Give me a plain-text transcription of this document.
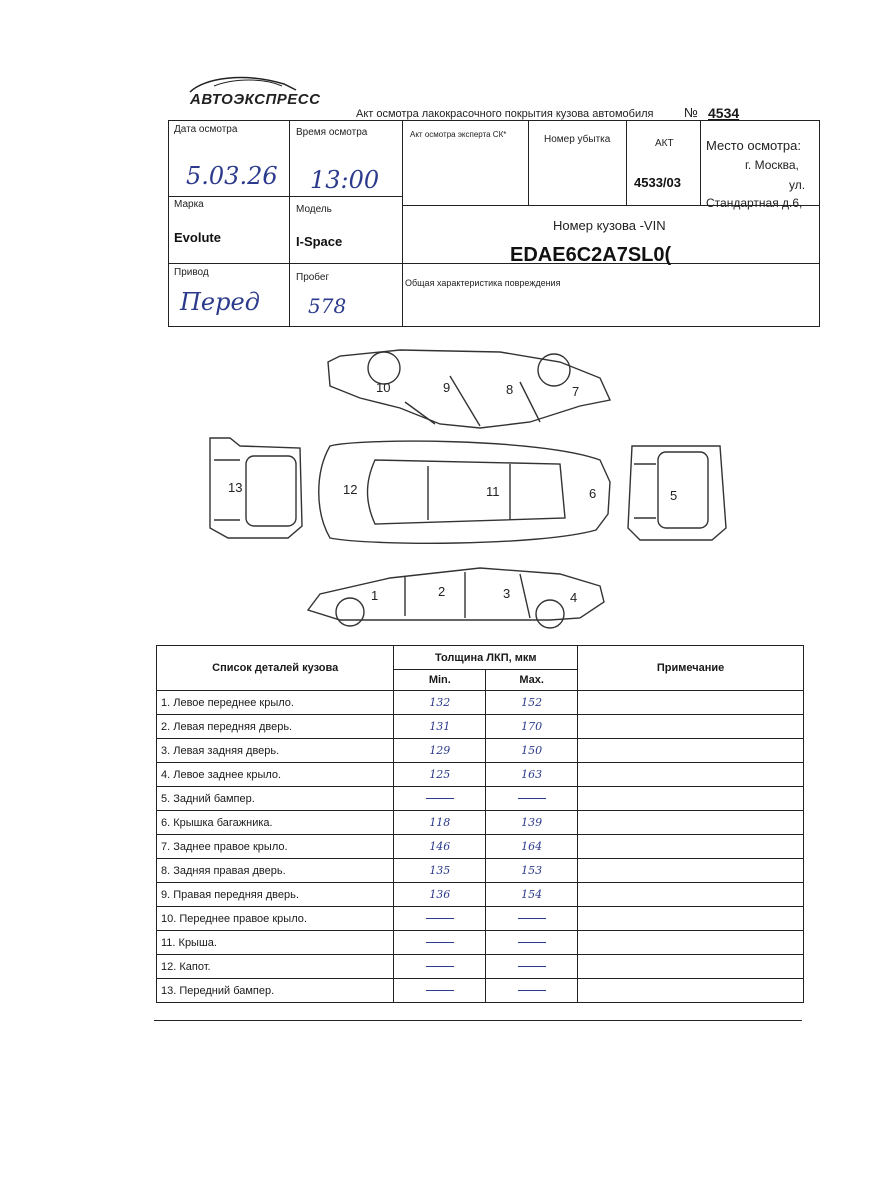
АВТОЭКСПРЕСС
Акт осмотра лакокрасочного покрытия кузова автомобиля № 4534
Дата осмотра
5.03.26
Время осмотра
13:00
Акт осмотра эксперта СК*	Номер убытка	АКТ
4533/03
Место осмотра:
г. Москва,
ул.
Стандартная д.6,
Марка
Evolute
Модель
I-Space
Номер кузова -VIN
EDAE6C2A7SL0(
Привод
Перед
Пробег
578
Общая характеристика повреждения
10	9	8	7
13	12	11	6	5
1	2	3	4
Список деталей кузова	Толщина ЛКП, мкм		Примечание
	Min.	Max.	
1. Левое переднее крыло.	132	152	
2. Левая передняя дверь.	131	170	
3. Левая задняя дверь.	129	150	
4. Левое заднее крыло.	125	163	
5. Задний бампер.			
6. Крышка багажника.	118	139	
7. Заднее правое крыло.	146	164	
8. Задняя правая дверь.	135	153	
9. Правая передняя дверь.	136	154	
10. Переднее правое крыло.			
11. Крыша.			
12. Капот.			
13. Передний бампер.			
